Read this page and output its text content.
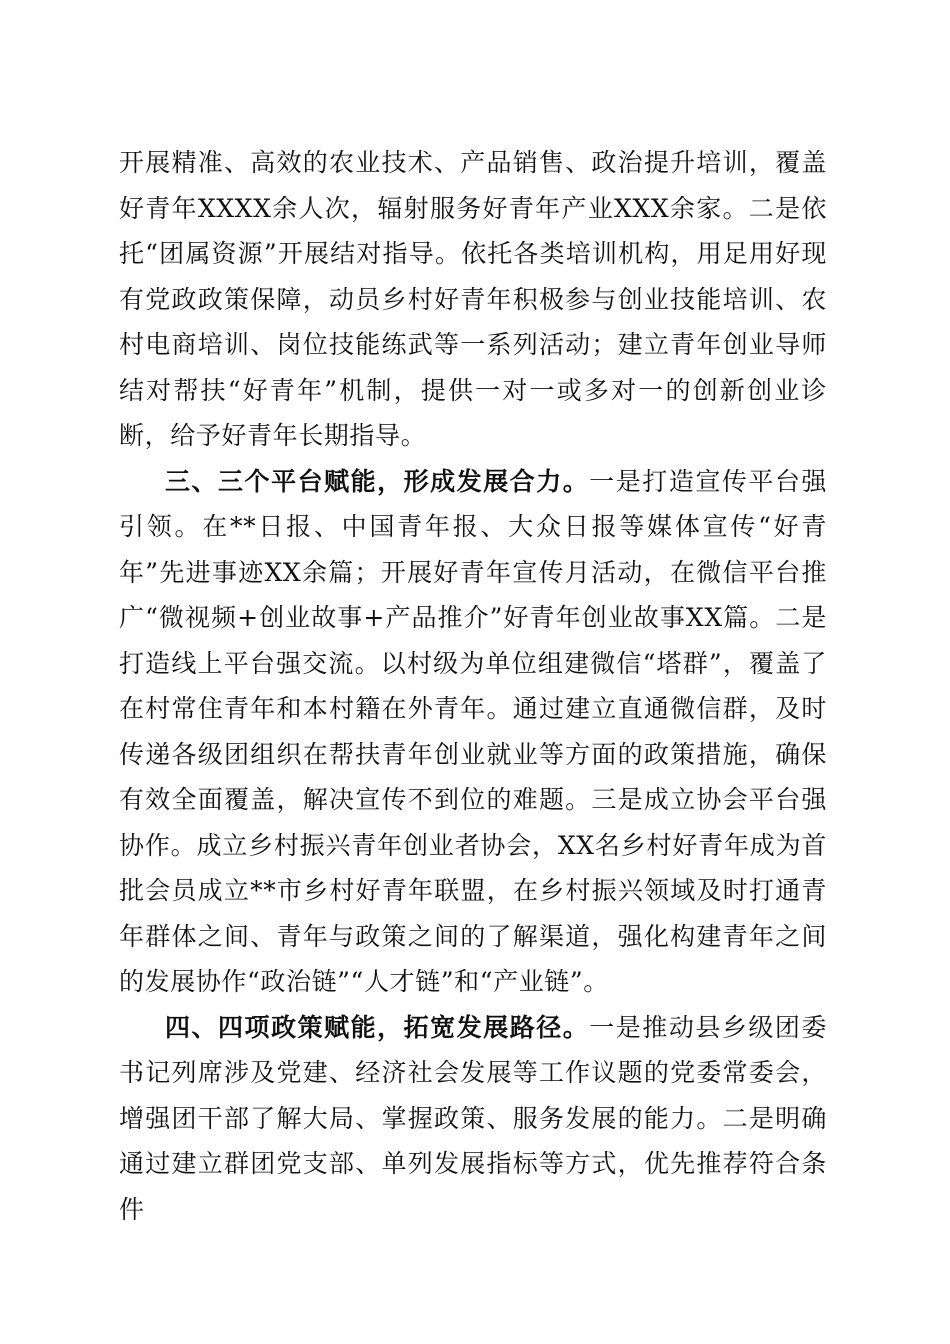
开展精准、高效的农业技术、产品销售、政治提升培训，覆盖好青年XXXX余人次，辐射服务好青年产业XXX余家。二是依托“团属资源”开展结对指导。依托各类培训机构，用足用好现有党政政策保障，动员乡村好青年积极参与创业技能培训、农村电商培训、岗位技能练武等一系列活动；建立青年创业导师结对帮扶“好青年”机制，提供一对一或多对一的创新创业诊断，给予好青年长期指导。

三、三个平台赋能，形成发展合力。一是打造宣传平台强引领。在**日报、中国青年报、大众日报等媒体宣传“好青年”先进事迹XX余篇；开展好青年宣传月活动，在微信平台推广“微视频+创业故事+产品推介”好青年创业故事XX篇。二是打造线上平台强交流。以村级为单位组建微信“塔群”，覆盖了在村常住青年和本村籍在外青年。通过建立直通微信群，及时传递各级团组织在帮扶青年创业就业等方面的政策措施，确保有效全面覆盖，解决宣传不到位的难题。三是成立协会平台强协作。成立乡村振兴青年创业者协会，XX名乡村好青年成为首批会员成立**市乡村好青年联盟，在乡村振兴领域及时打通青年群体之间、青年与政策之间的了解渠道，强化构建青年之间的发展协作“政治链”“人才链”和“产业链”。

四、四项政策赋能，拓宽发展路径。一是推动县乡级团委书记列席涉及党建、经济社会发展等工作议题的党委常委会，增强团干部了解大局、掌握政策、服务发展的能力。二是明确通过建立群团党支部、单列发展指标等方式，优先推荐符合条件
